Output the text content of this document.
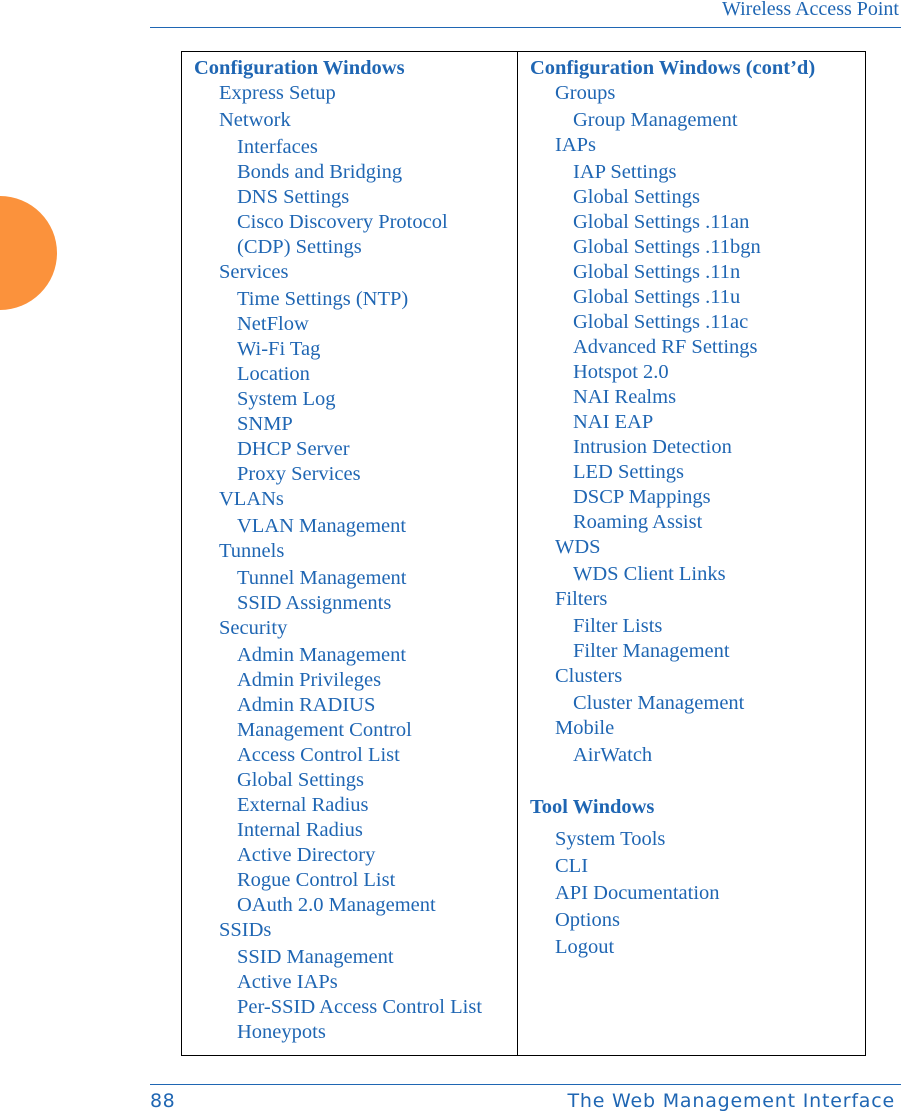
Wireless Access Point
Configuration Windows
Express Setup
Network
Interfaces
Bonds and Bridging
DNS Settings
Cisco Discovery Protocol
(CDP) Settings
Services
Time Settings (NTP)
NetFlow
Wi-Fi Tag
Location
System Log
SNMP
DHCP Server
Proxy Services
VLANs
VLAN Management
Tunnels
Tunnel Management
SSID Assignments
Security
Admin Management
Admin Privileges
Admin RADIUS
Management Control
Access Control List
Global Settings
External Radius
Internal Radius
Active Directory
Rogue Control List
OAuth 2.0 Management
SSIDs
SSID Management
Active IAPs
Per-SSID Access Control List
Honeypots
Configuration Windows (cont’d)
Groups
Group Management
IAPs
IAP Settings
Global Settings
Global Settings .11an
Global Settings .11bgn
Global Settings .11n
Global Settings .11u
Global Settings .11ac
Advanced RF Settings
Hotspot 2.0
NAI Realms
NAI EAP
Intrusion Detection
LED Settings
DSCP Mappings
Roaming Assist
WDS
WDS Client Links
Filters
Filter Lists
Filter Management
Clusters
Cluster Management
Mobile
AirWatch
Tool Windows
System Tools
CLI
API Documentation
Options
Logout
88	The Web Management Interface
